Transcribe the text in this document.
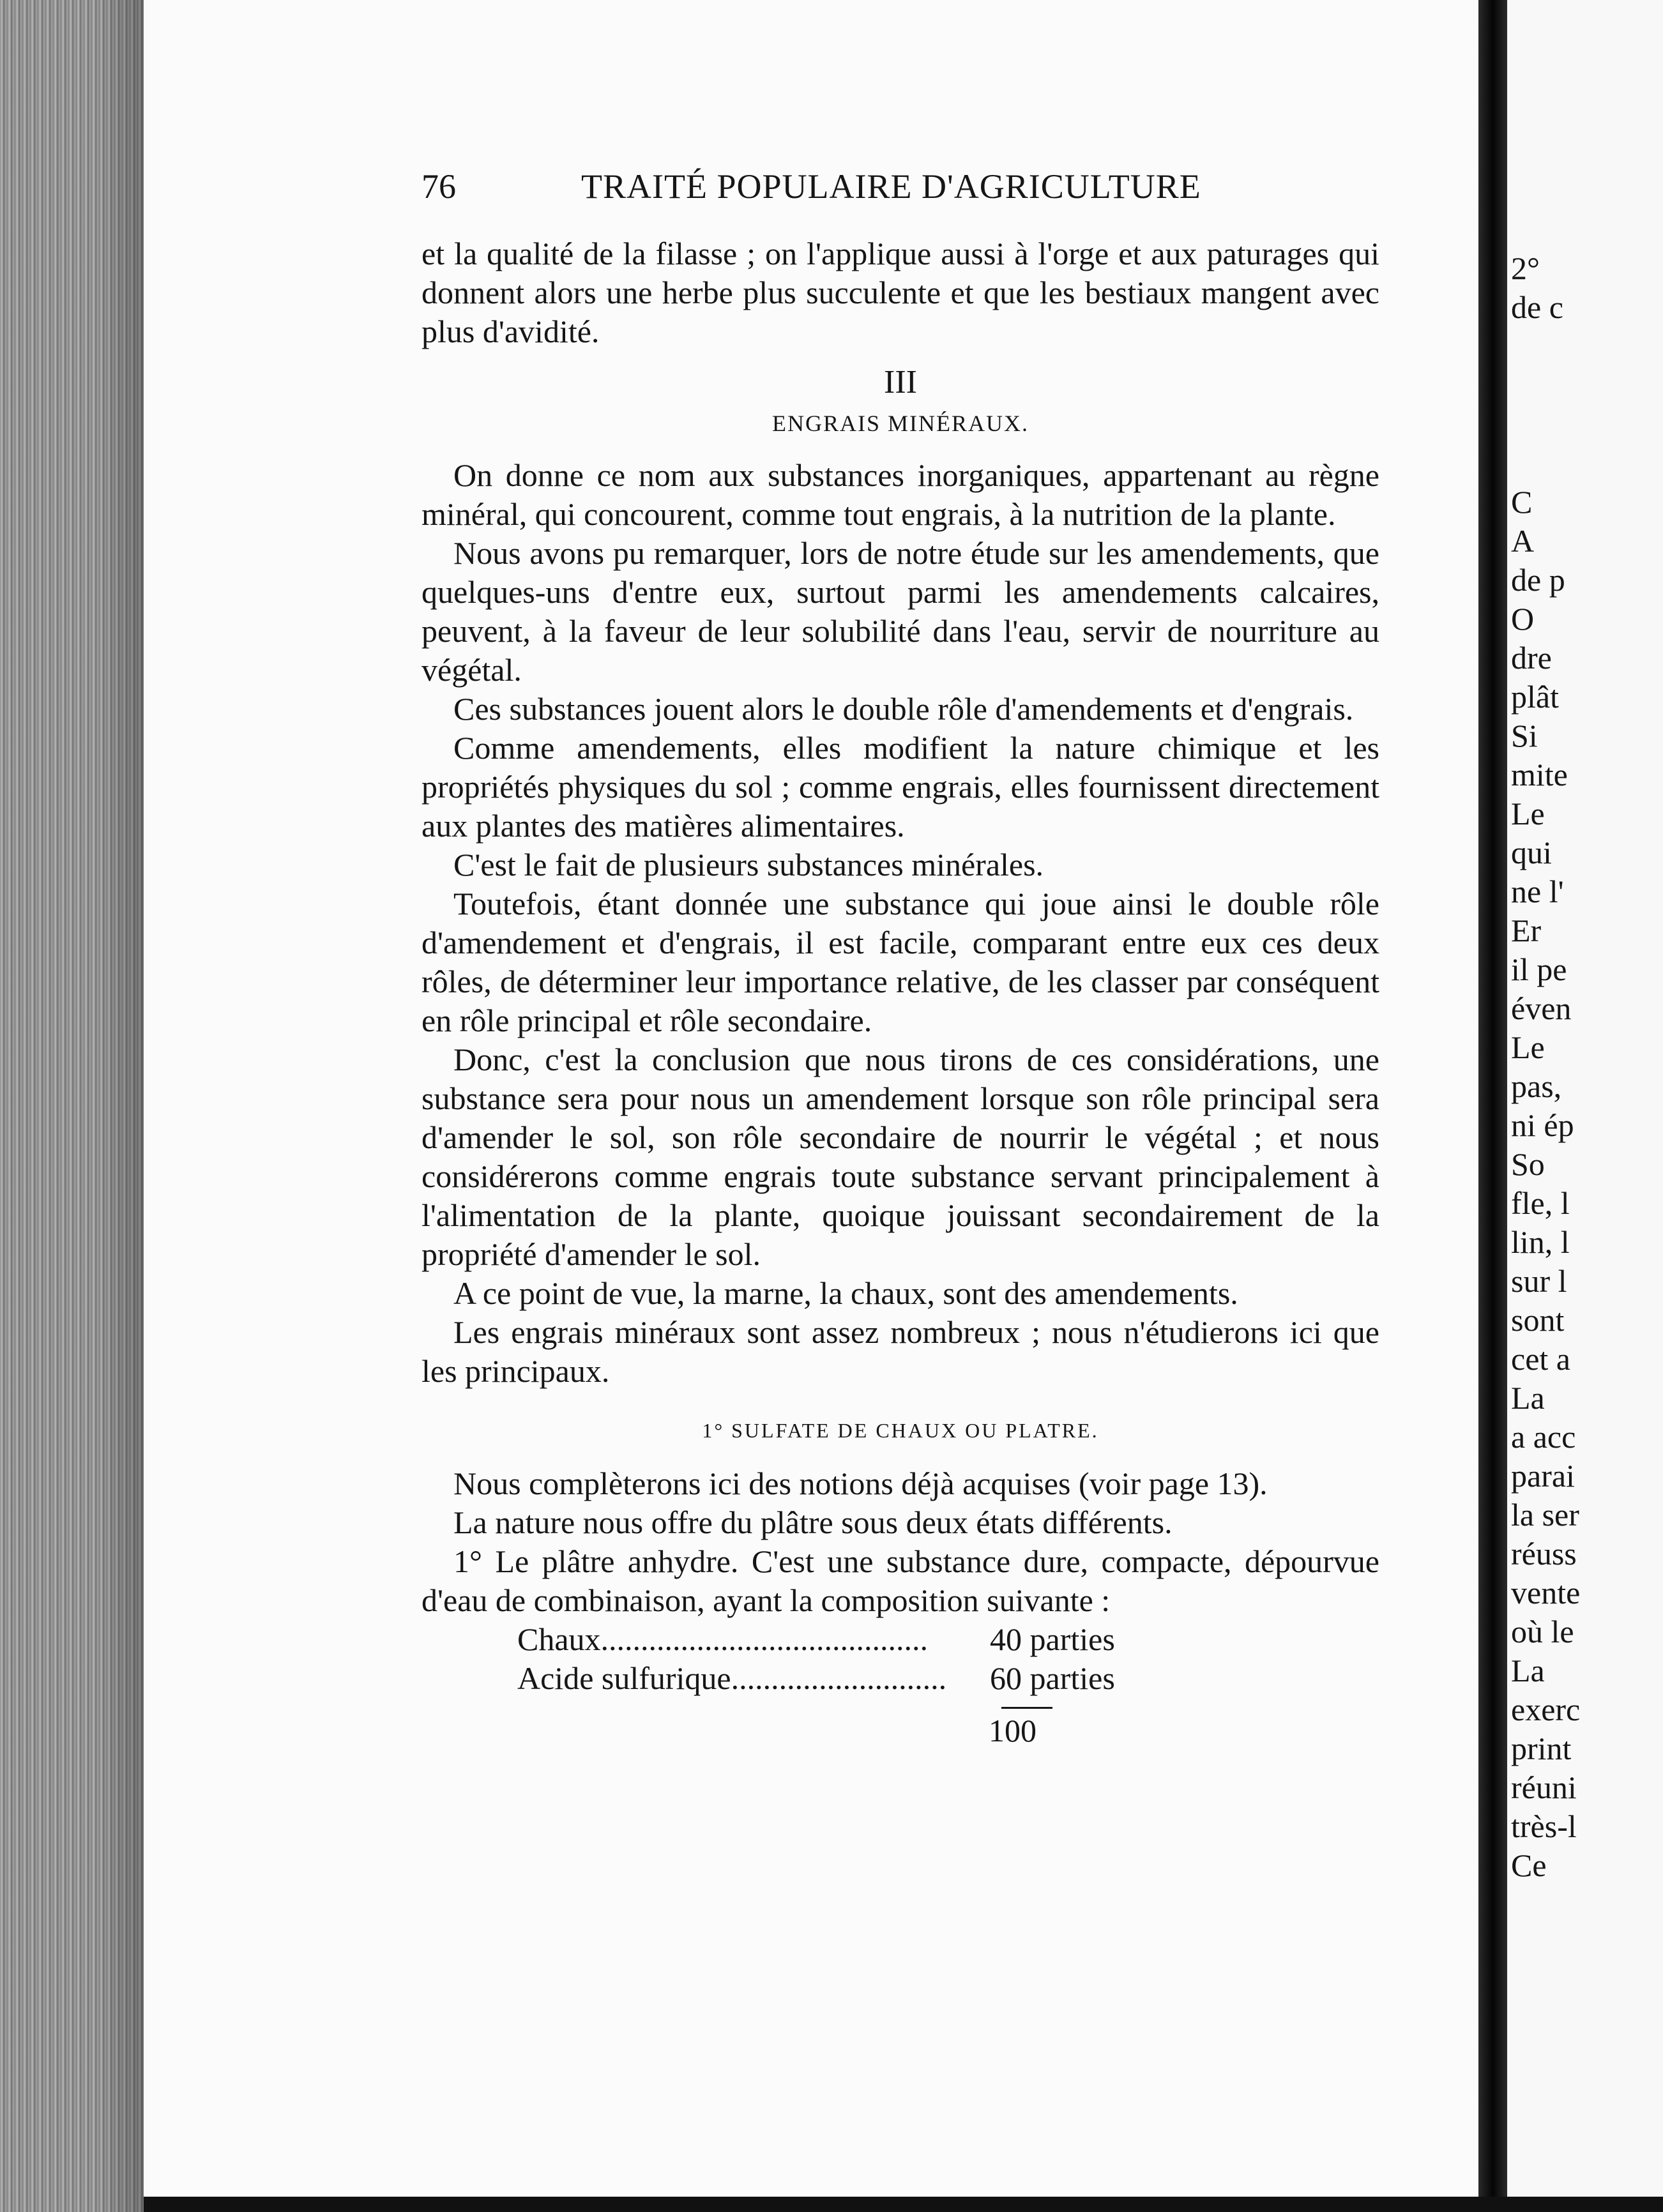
2°
de c
C
A
de p
O
dre
plât
Si
mite
Le
qui
ne l'
Er
il pe
éven
Le
pas,
ni ép
So
fle, l
lin, l
sur l
sont
cet a
La
a acc
parai
la ser
réuss
vente
où le
La
exerc
print
réuni
très-l
Ce
76	TRAITÉ POPULAIRE D'AGRICULTURE

et la qualité de la filasse ; on l'applique aussi à l'orge et aux paturages qui donnent alors une herbe plus succulente et que les bestiaux mangent avec plus d'avidité.

III
ENGRAIS MINÉRAUX.

On donne ce nom aux substances inorganiques, appartenant au règne minéral, qui concourent, comme tout engrais, à la nutrition de la plante.

Nous avons pu remarquer, lors de notre étude sur les amendements, que quelques-uns d'entre eux, surtout parmi les amendements calcaires, peuvent, à la faveur de leur solubilité dans l'eau, servir de nourriture au végétal.

Ces substances jouent alors le double rôle d'amendements et d'engrais.

Comme amendements, elles modifient la nature chimique et les propriétés physiques du sol ; comme engrais, elles fournissent directement aux plantes des matières alimentaires.

C'est le fait de plusieurs substances minérales.

Toutefois, étant donnée une substance qui joue ainsi le double rôle d'amendement et d'engrais, il est facile, comparant entre eux ces deux rôles, de déterminer leur importance relative, de les classer par conséquent en rôle principal et rôle secondaire.

Donc, c'est la conclusion que nous tirons de ces considérations, une substance sera pour nous un amendement lorsque son rôle principal sera d'amender le sol, son rôle secondaire de nourrir le végétal ; et nous considérerons comme engrais toute substance servant principalement à l'alimentation de la plante, quoique jouissant secondairement de la propriété d'amender le sol.

A ce point de vue, la marne, la chaux, sont des amendements.

Les engrais minéraux sont assez nombreux ; nous n'étudierons ici que les principaux.

1° SULFATE DE CHAUX OU PLATRE.

Nous complèterons ici des notions déjà acquises (voir page 13).

La nature nous offre du plâtre sous deux états différents.

1° Le plâtre anhydre. C'est une substance dure, compacte, dépourvue d'eau de combinaison, ayant la composition suivante :

Chaux.........................................	40 parties
Acide sulfurique...........................	60 parties
100
